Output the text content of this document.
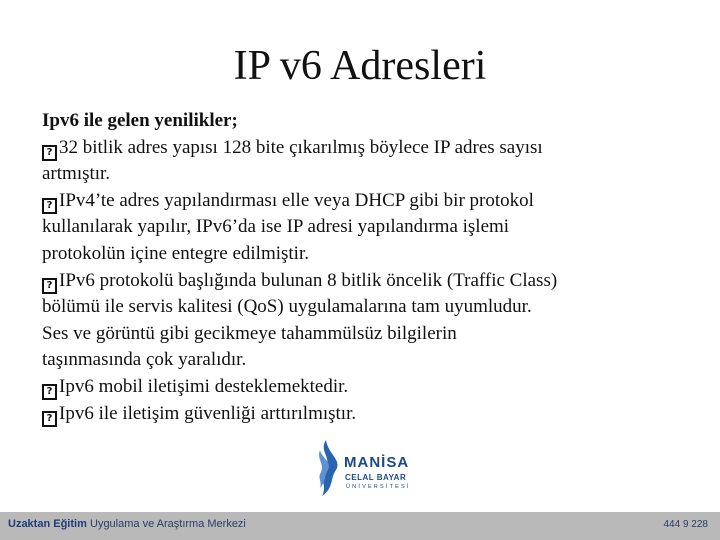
IP v6 Adresleri
Ipv6 ile gelen yenilikler;
? 32 bitlik adres yapısı 128 bite çıkarılmış böylece IP adres sayısı
artmıştır.
? IPv4’te adres yapılandırması elle veya DHCP gibi bir protokol
kullanılarak yapılır, IPv6’da ise IP adresi yapılandırma işlemi
protokolün içine entegre edilmiştir.
? IPv6 protokolü başlığında bulunan 8 bitlik öncelik (Traffic Class)
bölümü ile servis kalitesi (QoS) uygulamalarına tam uyumludur.
Ses ve görüntü gibi gecikmeye tahammülsüz bilgilerin
taşınmasında çok yaralıdır.
? Ipv6 mobil iletişimi desteklemektedir.
? Ipv6 ile iletişim güvenliği arttırılmıştır.
MANİSA
CELAL BAYAR
ÜNİVERSİTESİ
Uzaktan Eğitim Uygulama ve Araştırma Merkezi	444 9 228
